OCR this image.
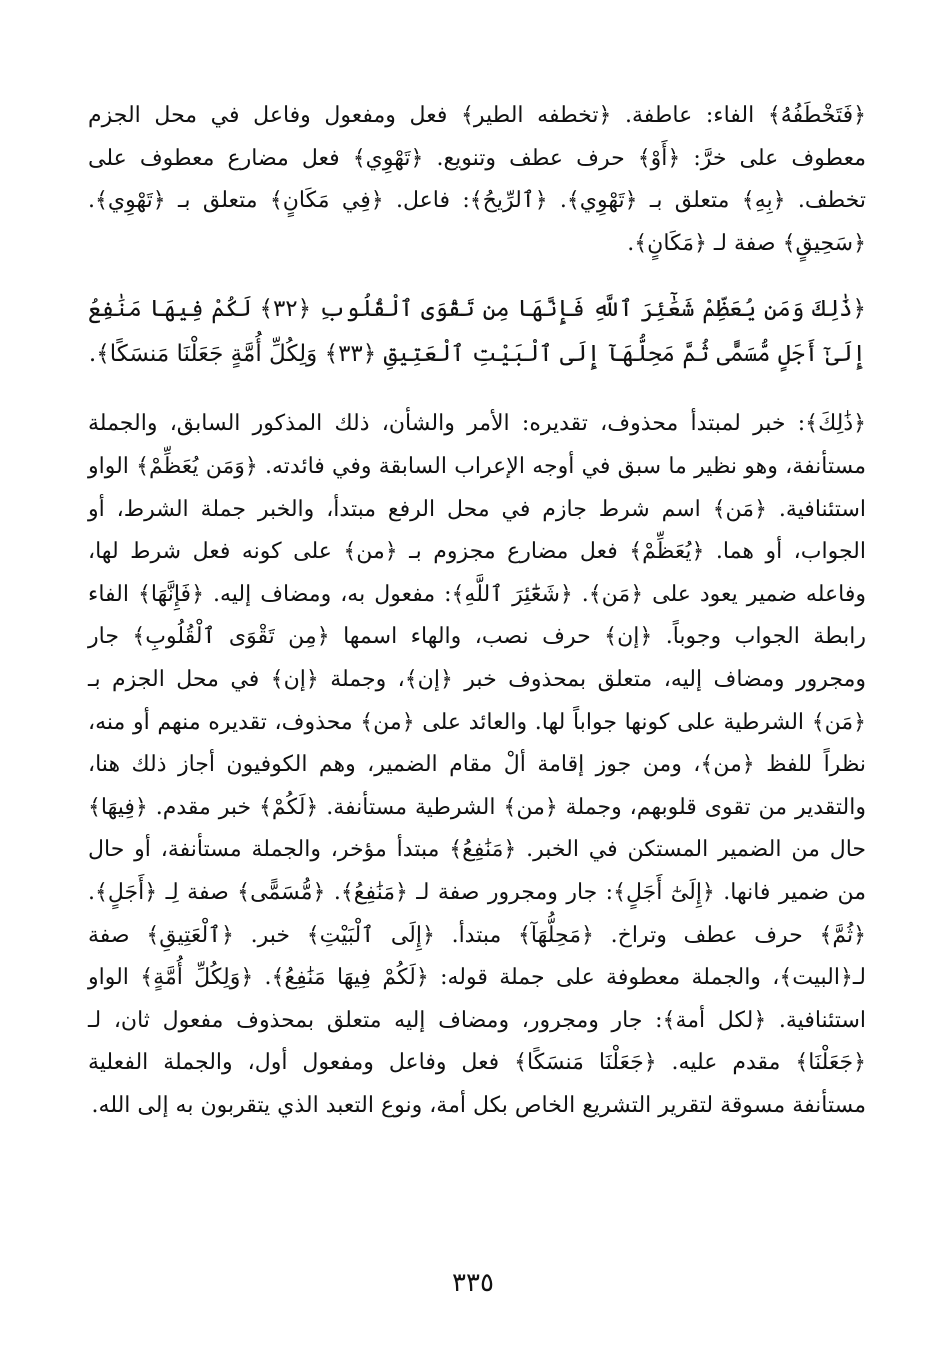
﴿فَتَخْطَفُهُ﴾ الفاء: عاطفة. ﴿تخطفه الطير﴾ فعل ومفعول وفاعل في محل الجزم معطوف على خرَّ: ﴿أَوْ﴾ حرف عطف وتنويع. ﴿تَهْوِي﴾ فعل مضارع معطوف على تخطف. ﴿بِهِ﴾ متعلق بـ ﴿تَهْوِي﴾. ﴿ٱلرِّيحُ﴾: فاعل. ﴿فِي مَكَانٍ﴾ متعلق بـ ﴿تَهْوِي﴾. ﴿سَحِيقٍ﴾ صفة لـ ﴿مَكَانٍ﴾.

﴿ذَٰلِكَ وَمَن يُعَظِّمْ شَعَٰٓئِرَ ٱللَّهِ فَإِنَّهَا مِن تَقْوَى ٱلْقُلُوبِ ﴿٣٢﴾ لَكُمْ فِيهَا مَنَٰفِعُ إِلَىٰٓ أَجَلٍ مُّسَمًّى ثُمَّ مَحِلُّهَآ إِلَى ٱلْبَيْتِ ٱلْعَتِيقِ ﴿٣٣﴾ وَلِكُلِّ أُمَّةٍ جَعَلْنَا مَنسَكًا﴾.

﴿ذَٰلِكَ﴾: خبر لمبتدأ محذوف، تقديره: الأمر والشأن، ذلك المذكور السابق، والجملة مستأنفة، وهو نظير ما سبق في أوجه الإعراب السابقة وفي فائدته. ﴿وَمَن يُعَظِّمْ﴾ الواو استئنافية. ﴿مَن﴾ اسم شرط جازم في محل الرفع مبتدأ، والخبر جملة الشرط، أو الجواب، أو هما. ﴿يُعَظِّمْ﴾ فعل مضارع مجزوم بـ ﴿من﴾ على كونه فعل شرط لها، وفاعله ضمير يعود على ﴿مَن﴾. ﴿شَعَٰٓئِرَ ٱللَّهِ﴾: مفعول به، ومضاف إليه. ﴿فَإِنَّهَا﴾ الفاء رابطة الجواب وجوباً. ﴿إن﴾ حرف نصب، والهاء اسمها ﴿مِن تَقْوَى ٱلْقُلُوبِ﴾ جار ومجرور ومضاف إليه، متعلق بمحذوف خبر ﴿إن﴾، وجملة ﴿إن﴾ في محل الجزم بـ ﴿مَن﴾ الشرطية على كونها جواباً لها. والعائد على ﴿من﴾ محذوف، تقديره منهم أو منه، نظراً للفظ ﴿من﴾، ومن جوز إقامة ألْ مقام الضمير، وهم الكوفيون أجاز ذلك هنا، والتقدير من تقوى قلوبهم، وجملة ﴿من﴾ الشرطية مستأنفة. ﴿لَكُمْ﴾ خبر مقدم. ﴿فِيهَا﴾ حال من الضمير المستكن في الخبر. ﴿مَنَٰفِعُ﴾ مبتدأ مؤخر، والجملة مستأنفة، أو حال من ضمير فانها. ﴿إِلَىٰٓ أَجَلٍ﴾: جار ومجرور صفة لـ ﴿مَنَٰفِعُ﴾. ﴿مُّسَمًّى﴾ صفة لِـ ﴿أَجَلٍ﴾. ﴿ثُمَّ﴾ حرف عطف وتراخ. ﴿مَحِلُّهَآ﴾ مبتدأ. ﴿إِلَى ٱلْبَيْتِ﴾ خبر. ﴿ٱلْعَتِيقِ﴾ صفة لـ﴿البيت﴾، والجملة معطوفة على جملة قوله: ﴿لَكُمْ فِيهَا مَنَٰفِعُ﴾. ﴿وَلِكُلِّ أُمَّةٍ﴾ الواو استئنافية. ﴿لكل أمة﴾: جار ومجرور، ومضاف إليه متعلق بمحذوف مفعول ثان، لـ ﴿جَعَلْنَا﴾ مقدم عليه. ﴿جَعَلْنَا مَنسَكًا﴾ فعل وفاعل ومفعول أول، والجملة الفعلية مستأنفة مسوقة لتقرير التشريع الخاص بكل أمة، ونوع التعبد الذي يتقربون به إلى الله.

٣٣٥
